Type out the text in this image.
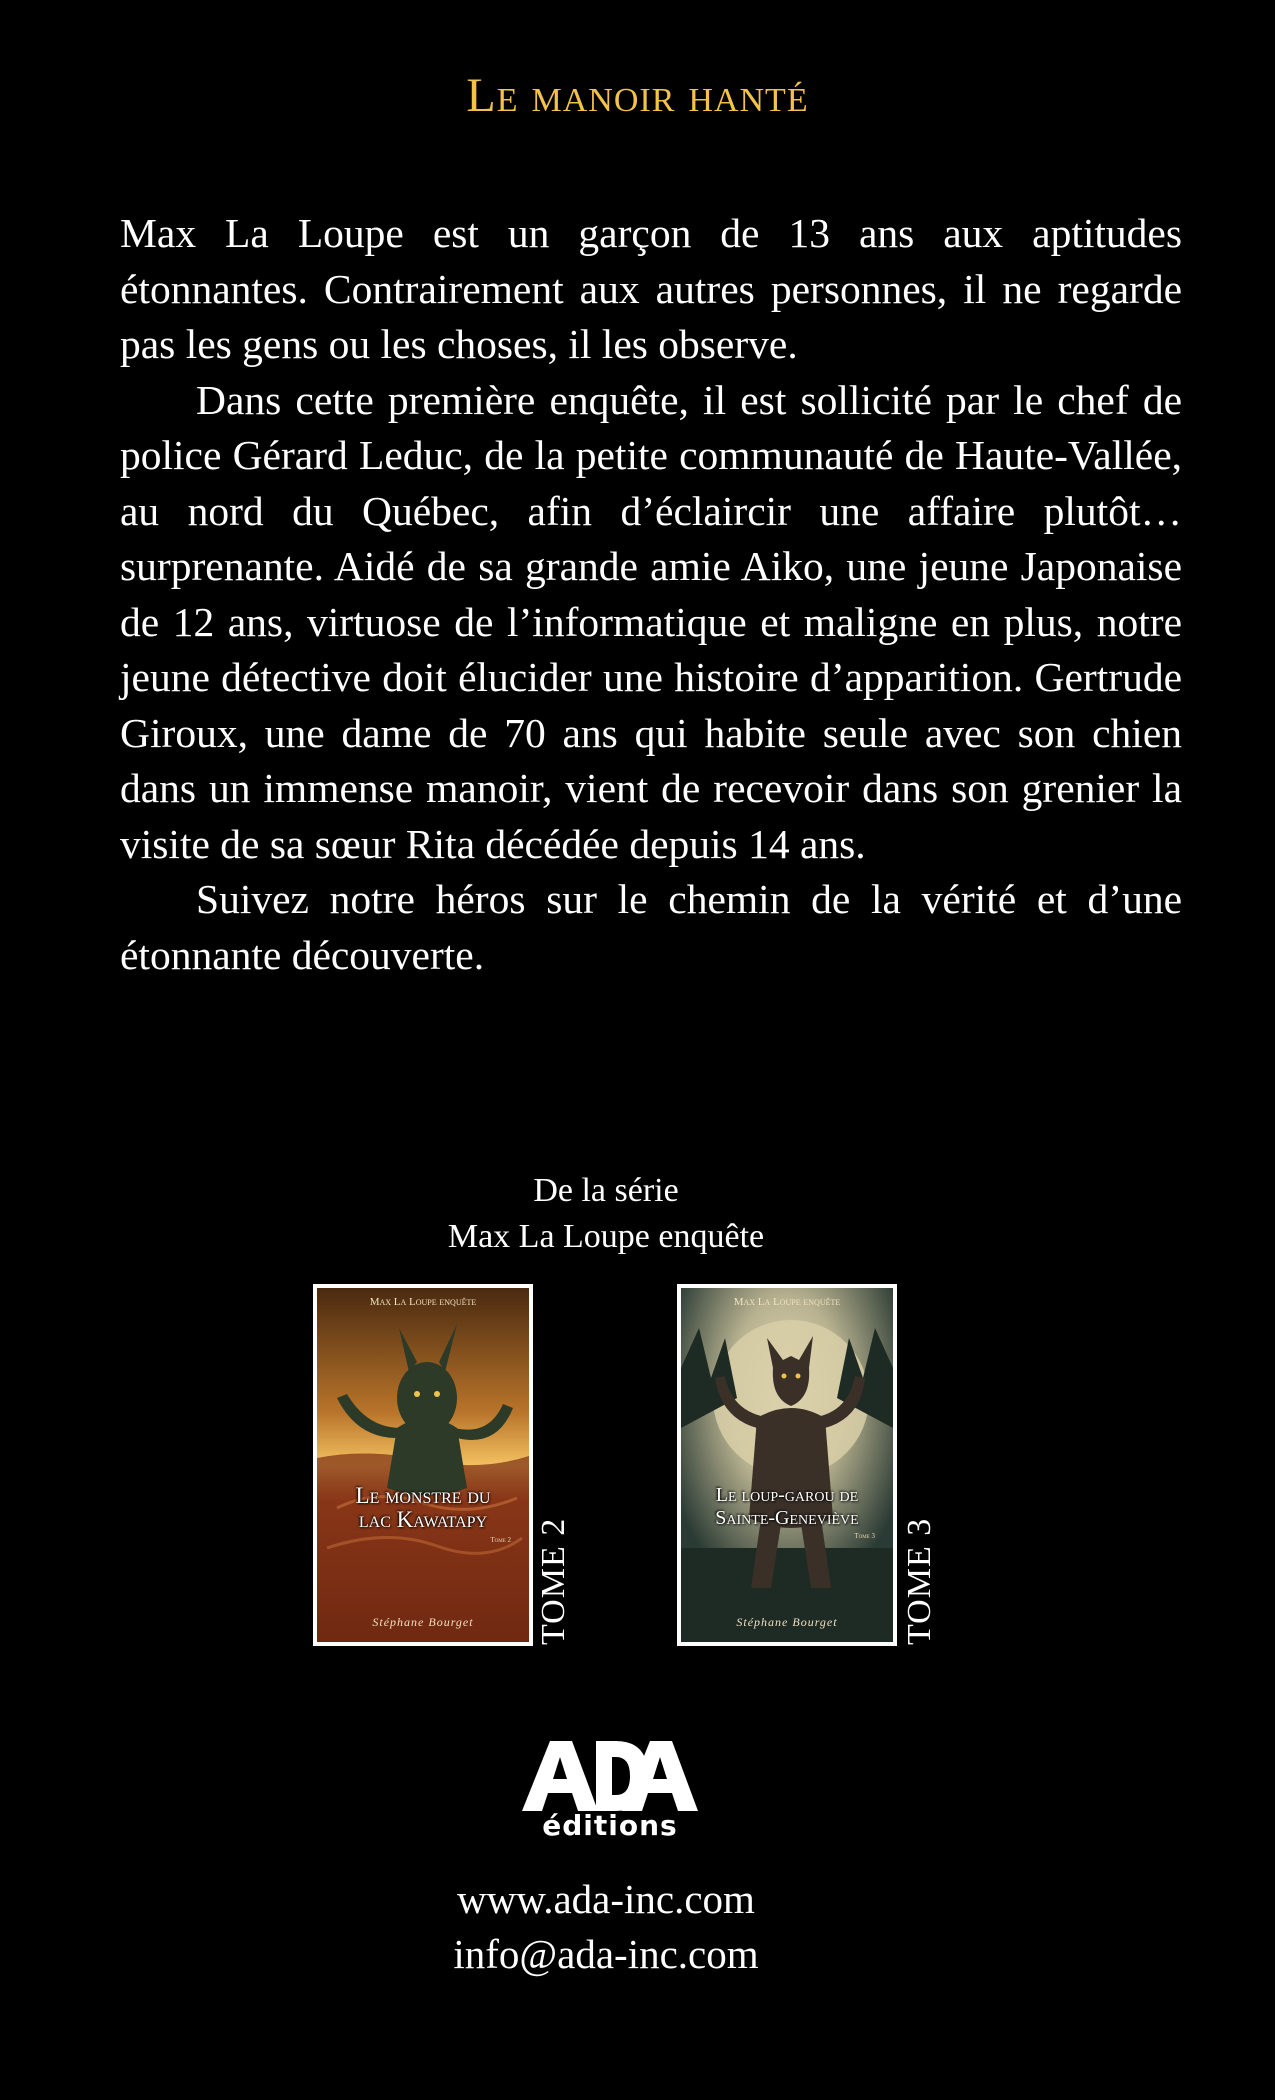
Le manoir hanté

Max La Loupe est un garçon de 13 ans aux aptitudes étonnantes. Contrairement aux autres personnes, il ne regarde pas les gens ou les choses, il les observe.

Dans cette première enquête, il est sollicité par le chef de police Gérard Leduc, de la petite communauté de Haute-Vallée, au nord du Québec, afin d’éclaircir une affaire plutôt… surprenante. Aidé de sa grande amie Aiko, une jeune Japonaise de 12 ans, virtuose de l’informatique et maligne en plus, notre jeune détective doit élucider une histoire d’apparition. Gertrude Giroux, une dame de 70 ans qui habite seule avec son chien dans un immense manoir, vient de recevoir dans son grenier la visite de sa sœur Rita décédée depuis 14 ans.

Suivez notre héros sur le chemin de la vérité et d’une étonnante découverte.

De la série
Max La Loupe enquête
Max La Loupe enquête
Le monstre du
lac Kawatapy
Tome 2
Stéphane Bourget	TOME 2
Max La Loupe enquête
Le loup-garou de
Sainte-Geneviève
Tome 3
Stéphane Bourget	TOME 3
éditions
www.ada-inc.com
info@ada-inc.com
